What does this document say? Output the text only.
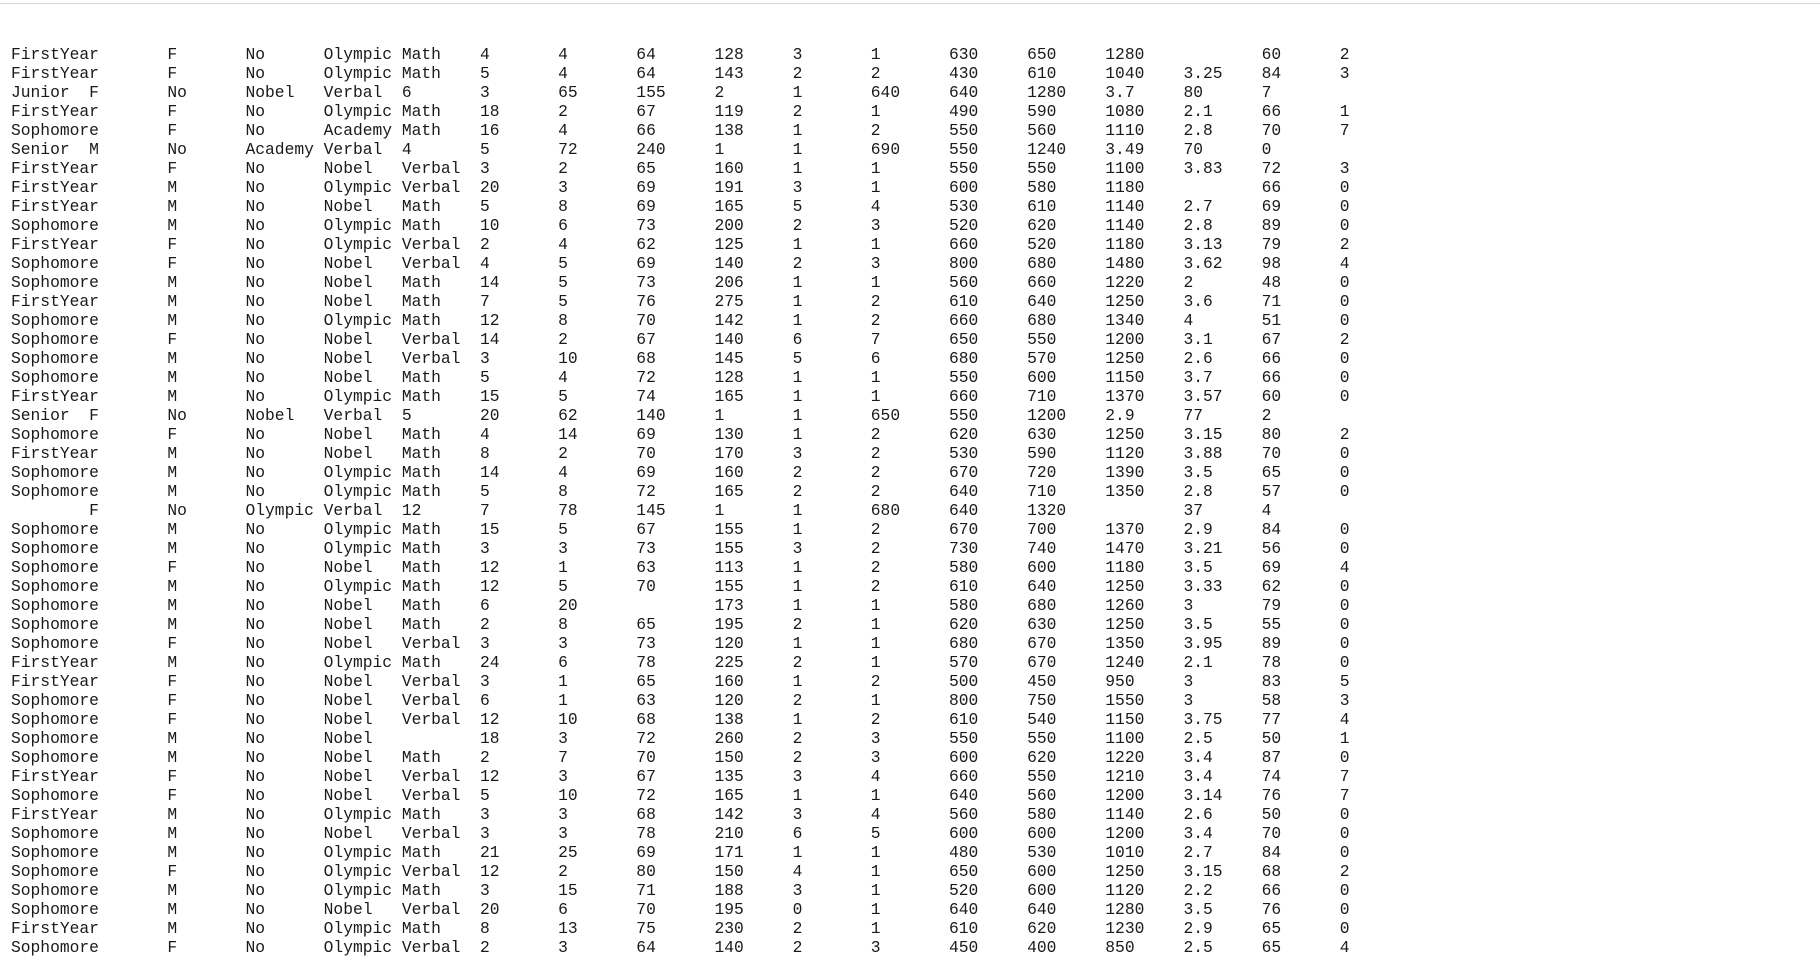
FirstYear       F       No      Olympic Math    4       4       64      128     3       1       630     650     1280            60      2
FirstYear       F       No      Olympic Math    5       4       64      143     2       2       430     610     1040    3.25    84      3
Junior  F       No      Nobel   Verbal  6       3       65      155     2       1       640     640     1280    3.7     80      7
FirstYear       F       No      Olympic Math    18      2       67      119     2       1       490     590     1080    2.1     66      1
Sophomore       F       No      Academy Math    16      4       66      138     1       2       550     560     1110    2.8     70      7
Senior  M       No      Academy Verbal  4       5       72      240     1       1       690     550     1240    3.49    70      0
FirstYear       F       No      Nobel   Verbal  3       2       65      160     1       1       550     550     1100    3.83    72      3
FirstYear       M       No      Olympic Verbal  20      3       69      191     3       1       600     580     1180            66      0
FirstYear       M       No      Nobel   Math    5       8       69      165     5       4       530     610     1140    2.7     69      0
Sophomore       M       No      Olympic Math    10      6       73      200     2       3       520     620     1140    2.8     89      0
FirstYear       F       No      Olympic Verbal  2       4       62      125     1       1       660     520     1180    3.13    79      2
Sophomore       F       No      Nobel   Verbal  4       5       69      140     2       3       800     680     1480    3.62    98      4
Sophomore       M       No      Nobel   Math    14      5       73      206     1       1       560     660     1220    2       48      0
FirstYear       M       No      Nobel   Math    7       5       76      275     1       2       610     640     1250    3.6     71      0
Sophomore       M       No      Olympic Math    12      8       70      142     1       2       660     680     1340    4       51      0
Sophomore       F       No      Nobel   Verbal  14      2       67      140     6       7       650     550     1200    3.1     67      2
Sophomore       M       No      Nobel   Verbal  3       10      68      145     5       6       680     570     1250    2.6     66      0
Sophomore       M       No      Nobel   Math    5       4       72      128     1       1       550     600     1150    3.7     66      0
FirstYear       M       No      Olympic Math    15      5       74      165     1       1       660     710     1370    3.57    60      0
Senior  F       No      Nobel   Verbal  5       20      62      140     1       1       650     550     1200    2.9     77      2
Sophomore       F       No      Nobel   Math    4       14      69      130     1       2       620     630     1250    3.15    80      2
FirstYear       M       No      Nobel   Math    8       2       70      170     3       2       530     590     1120    3.88    70      0
Sophomore       M       No      Olympic Math    14      4       69      160     2       2       670     720     1390    3.5     65      0
Sophomore       M       No      Olympic Math    5       8       72      165     2       2       640     710     1350    2.8     57      0
F       No      Olympic Verbal  12      7       78      145     1       1       680     640     1320            37      4
Sophomore       M       No      Olympic Math    15      5       67      155     1       2       670     700     1370    2.9     84      0
Sophomore       M       No      Olympic Math    3       3       73      155     3       2       730     740     1470    3.21    56      0
Sophomore       F       No      Nobel   Math    12      1       63      113     1       2       580     600     1180    3.5     69      4
Sophomore       M       No      Olympic Math    12      5       70      155     1       2       610     640     1250    3.33    62      0
Sophomore       M       No      Nobel   Math    6       20              173     1       1       580     680     1260    3       79      0
Sophomore       M       No      Nobel   Math    2       8       65      195     2       1       620     630     1250    3.5     55      0
Sophomore       F       No      Nobel   Verbal  3       3       73      120     1       1       680     670     1350    3.95    89      0
FirstYear       M       No      Olympic Math    24      6       78      225     2       1       570     670     1240    2.1     78      0
FirstYear       F       No      Nobel   Verbal  3       1       65      160     1       2       500     450     950     3       83      5
Sophomore       F       No      Nobel   Verbal  6       1       63      120     2       1       800     750     1550    3       58      3
Sophomore       F       No      Nobel   Verbal  12      10      68      138     1       2       610     540     1150    3.75    77      4
Sophomore       M       No      Nobel           18      3       72      260     2       3       550     550     1100    2.5     50      1
Sophomore       M       No      Nobel   Math    2       7       70      150     2       3       600     620     1220    3.4     87      0
FirstYear       F       No      Nobel   Verbal  12      3       67      135     3       4       660     550     1210    3.4     74      7
Sophomore       F       No      Nobel   Verbal  5       10      72      165     1       1       640     560     1200    3.14    76      7
FirstYear       M       No      Olympic Math    3       3       68      142     3       4       560     580     1140    2.6     50      0
Sophomore       M       No      Nobel   Verbal  3       3       78      210     6       5       600     600     1200    3.4     70      0
Sophomore       M       No      Olympic Math    21      25      69      171     1       1       480     530     1010    2.7     84      0
Sophomore       F       No      Olympic Verbal  12      2       80      150     4       1       650     600     1250    3.15    68      2
Sophomore       M       No      Olympic Math    3       15      71      188     3       1       520     600     1120    2.2     66      0
Sophomore       M       No      Nobel   Verbal  20      6       70      195     0       1       640     640     1280    3.5     76      0
FirstYear       M       No      Olympic Math    8       13      75      230     2       1       610     620     1230    2.9     65      0
Sophomore       F       No      Olympic Verbal  2       3       64      140     2       3       450     400     850     2.5     65      4
